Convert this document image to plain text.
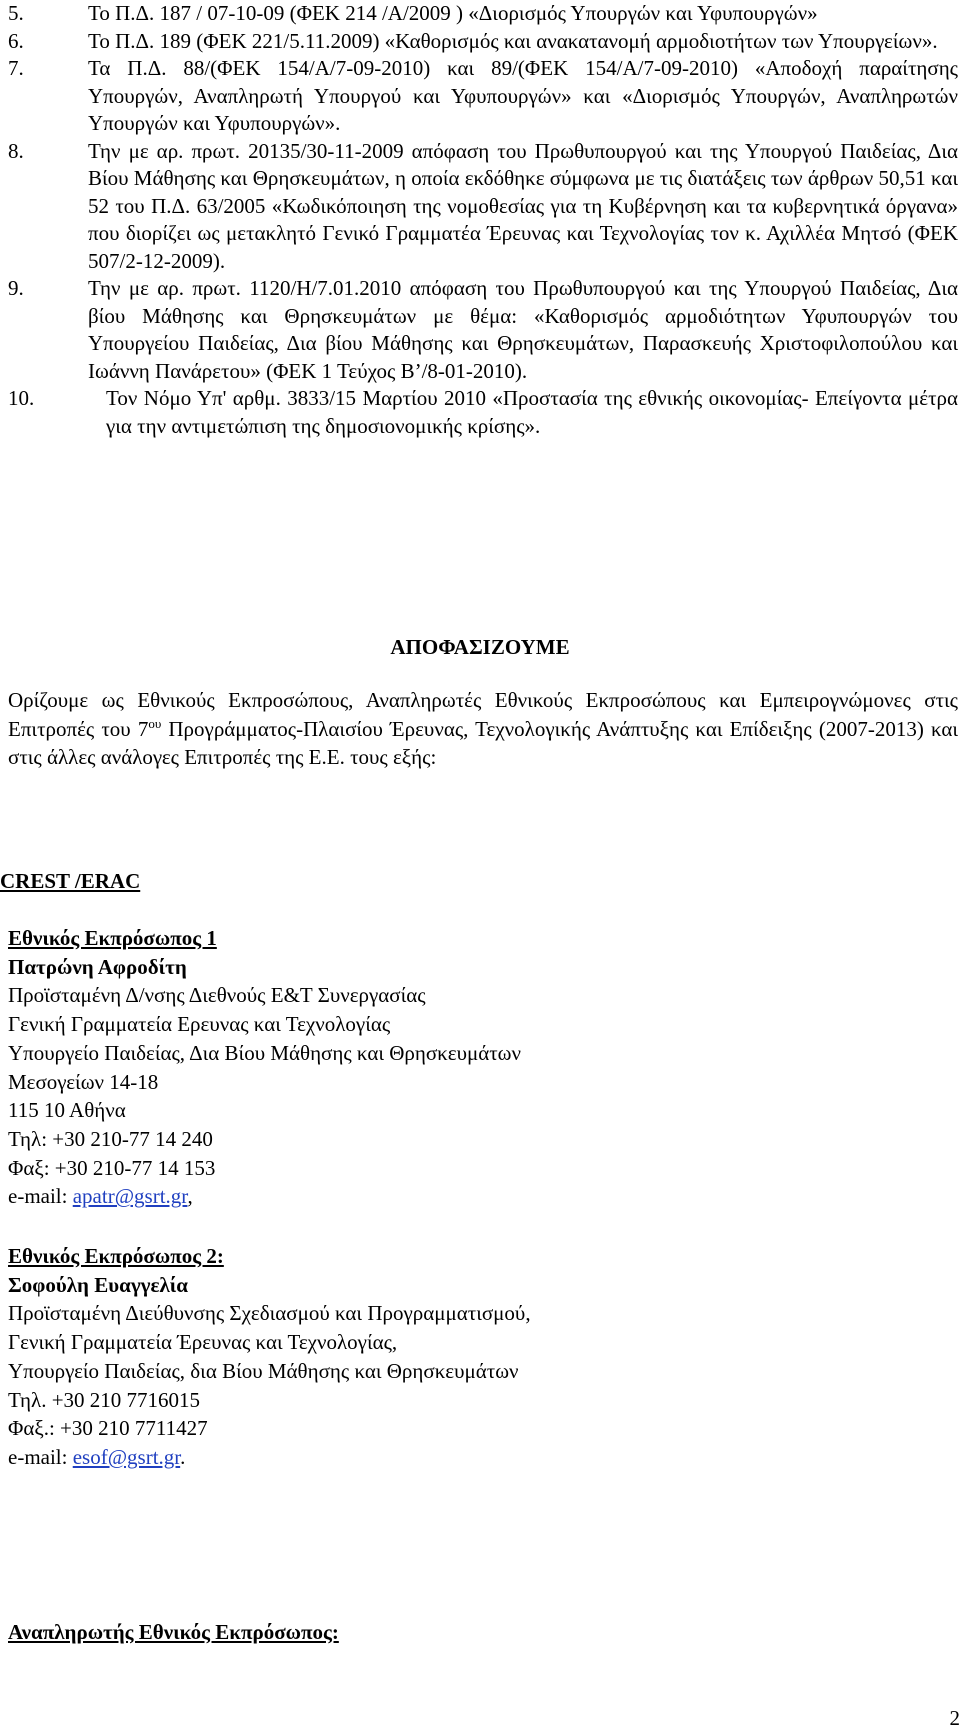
5.	Το Π.Δ. 187 / 07-10-09 (ΦΕΚ 214 /Α/2009 ) «Διορισμός Υπουργών και Υφυπουργών»
6.	Το Π.Δ. 189 (ΦΕΚ 221/5.11.2009) «Καθορισμός και ανακατανομή αρμοδιοτήτων των Υπουργείων».
7.	Τα Π.Δ. 88/(ΦΕΚ 154/Α/7-09-2010) και 89/(ΦΕΚ 154/Α/7-09-2010) «Αποδοχή παραίτησης Υπουργών, Αναπληρωτή Υπουργού και Υφυπουργών» και «Διορισμός Υπουργών, Αναπληρωτών Υπουργών και Υφυπουργών».
8.	Την με αρ. πρωτ. 20135/30-11-2009 απόφαση του Πρωθυπουργού και της Υπουργού Παιδείας, Δια Βίου Μάθησης και Θρησκευμάτων, η οποία εκδόθηκε σύμφωνα με τις διατάξεις των άρθρων 50,51 και 52 του Π.Δ. 63/2005 «Κωδικόποιηση της νομοθεσίας για τη Κυβέρνηση και τα κυβερνητικά όργανα» που διορίζει ως μετακλητό Γενικό Γραμματέα Έρευνας και Τεχνολογίας τον κ. Αχιλλέα Μητσό (ΦΕΚ 507/2-12-2009).
9.	Την με αρ. πρωτ. 1120/Η/7.01.2010 απόφαση του Πρωθυπουργού και της Υπουργού Παιδείας, Δια βίου Μάθησης και Θρησκευμάτων με θέμα: «Καθορισμός αρμοδιότητων Υφυπουργών του Υπουργείου Παιδείας, Δια βίου Μάθησης και Θρησκευμάτων, Παρασκευής Χριστοφιλοπούλου και Ιωάννη Πανάρετου» (ΦΕΚ 1 Τεύχος Β’/8-01-2010).
10.	Τον Νόμο Υπ' αρθμ. 3833/15 Μαρτίου 2010 «Προστασία της εθνικής οικονομίας- Επείγοντα μέτρα για την αντιμετώπιση της δημοσιονομικής κρίσης».
ΑΠΟΦΑΣΙΖΟΥΜΕ
Ορίζουμε ως Εθνικούς Εκπροσώπους, Αναπληρωτές Εθνικούς Εκπροσώπους και Εμπειρογνώμονες στις Επιτροπές του $7^{o\upsilon}$ Προγράμματος-Πλαισίου Έρευνας, Τεχνολογικής Ανάπτυξης και Επίδειξης (2007-2013) και στις άλλες ανάλογες Επιτροπές της Ε.Ε. τους εξής:
CREST /ERAC

Εθνικός Εκπρόσωπος 1

Πατρώνη Αφροδίτη

Προϊσταμένη Δ/νσης Διεθνούς Ε&Τ Συνεργασίας

Γενική Γραμματεία Ερευνας και Τεχνολογίας

Υπουργείο Παιδείας, Δια Βίου Μάθησης και Θρησκευμάτων

Μεσογείων 14-18

115 10 Αθήνα

Τηλ: +30 210-77 14 240

Φαξ: +30 210-77 14 153

e-mail: apatr@gsrt.gr,

Εθνικός Εκπρόσωπος 2:

Σοφούλη Ευαγγελία

Προϊσταμένη Διεύθυνσης Σχεδιασμού και Προγραμματισμού,

Γενική Γραμματεία Έρευνας και Τεχνολογίας,

Υπουργείο Παιδείας, δια Βίου Μάθησης και Θρησκευμάτων

Τηλ. +30 210 7716015

Φαξ.: +30 210 7711427

e-mail: esof@gsrt.gr.

Αναπληρωτής Εθνικός Εκπρόσωπος:
2
